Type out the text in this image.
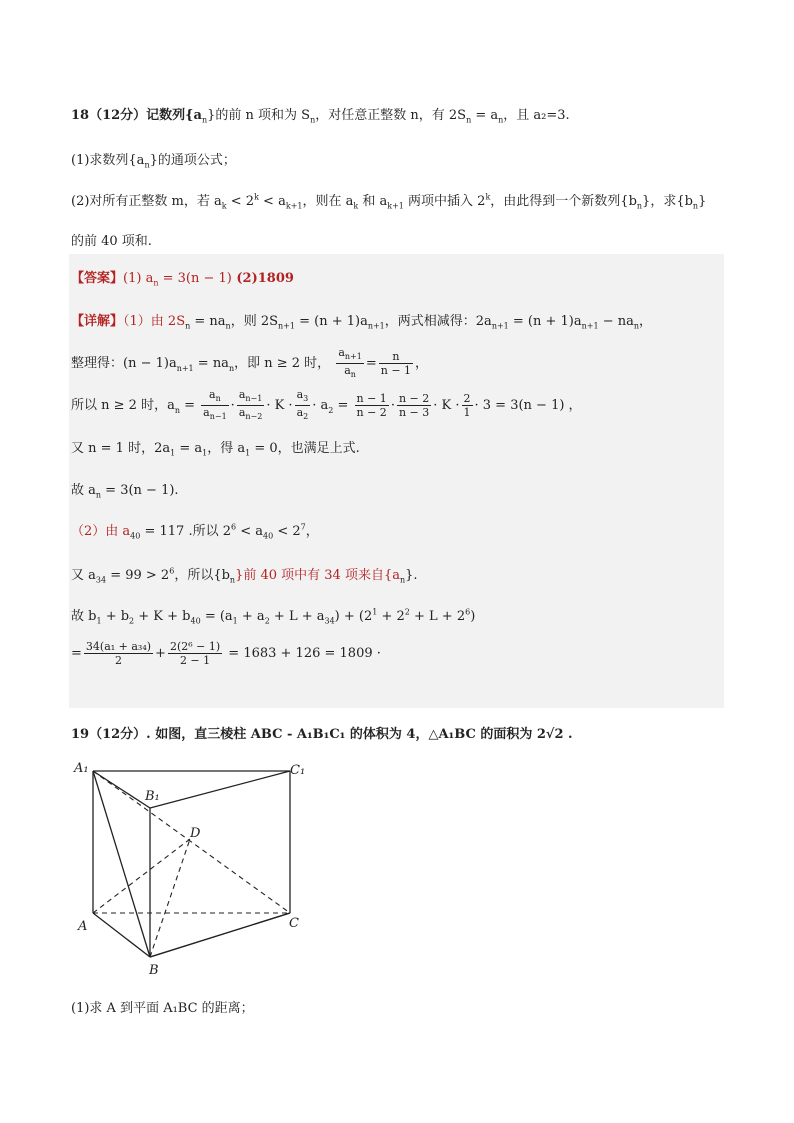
18（12分）记数列$\{a_n\}$的前 n 项和为 $S_n$，对任意正整数 n，有 $2S_n = a_n$，且 a₂=3.
(1)求数列$\{a_n\}$的通项公式；
(2)对所有正整数 m，若 $a_k < 2^k < a_{k+1}$，则在 $a_k$ 和 $a_{k+1}$ 两项中插入 2$^k$，由此得到一个新数列$\{b_n\}$，求$\{b_n\}$
的前 40 项和.
【答案】(1) $a_n = 3(n - 1)$ (2)1809
【详解】（1）由 $2S_n = na_n$，则 $2S_{n+1} = (n + 1)a_{n+1}$，两式相减得：$2a_{n+1} = (n + 1)a_{n+1} - na_n$，
整理得：$(n - 1)a_{n+1} = na_n$，即 n ≥ 2 时， $\frac{a_{n+1}}{a_n} = \frac{n}{n - 1}$ ，
所以 n ≥ 2 时，$a_n = \frac{a_n}{a_{n-1}} \cdot \frac{a_{n-1}}{a_{n-2}} \cdot K \cdot \frac{a_3}{a_2} \cdot a_2 = \frac{n - 1}{n - 2} \cdot \frac{n - 2}{n - 3} \cdot K \cdot \frac{2}{1} \cdot 3 = 3(n - 1)$ ，
又 n = 1 时，$2a_1 = a_1$，得 $a_1 = 0$，也满足上式.
故 $a_n = 3(n - 1)$.
（2）由 $a_{40} = 117$ .所以 $2^6 < a_{40} < 2^7$，
又 $a_{34} = 99 > 2^6$，所以$\{b_n\}$前 40 项中有 34 项来自$\{a_n\}$.
故 $b_1 + b_2 + K + b_{40} = (a_1 + a_2 + L + a_{34}) + (2^1 + 2^2 + L + 2^6)$
= $\frac{\text{34(a₁ + a₃₄)}}{2} + \frac{\text{2(2⁶ − 1)}}{2 - 1} = 1683 + 126 = 1809$ ·
19（12分）. 如图，直三棱柱 ABC - A₁B₁C₁ 的体积为 4，△A₁BC 的面积为 2√2 .
A₁
B₁
C₁
D
A
B
C
(1)求 A 到平面 A₁BC 的距离；
